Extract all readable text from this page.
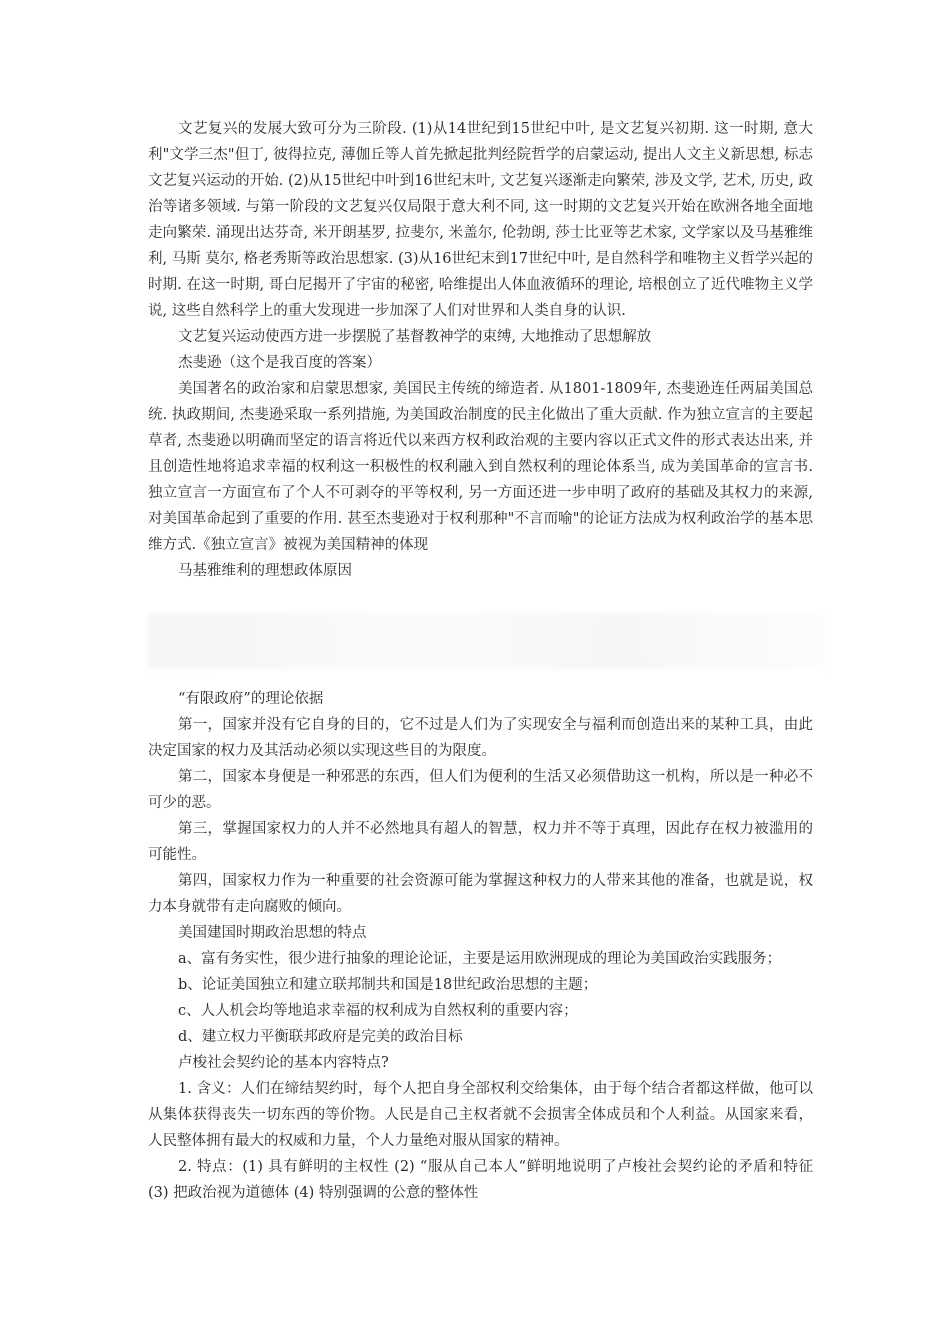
文艺复兴的发展大致可分为三阶段. (1)从14世纪到15世纪中叶, 是文艺复兴初期. 这一时期, 意大利"文学三杰"但丁, 彼得拉克, 薄伽丘等人首先掀起批判经院哲学的启蒙运动, 提出人文主义新思想, 标志文艺复兴运动的开始. (2)从15世纪中叶到16世纪末叶, 文艺复兴逐渐走向繁荣, 涉及文学, 艺术, 历史, 政治等诸多领域. 与第一阶段的文艺复兴仅局限于意大利不同, 这一时期的文艺复兴开始在欧洲各地全面地走向繁荣. 涌现出达芬奇, 米开朗基罗, 拉斐尔, 米盖尔, 伦勃朗, 莎士比亚等艺术家, 文学家以及马基雅维利, 马斯 莫尔, 格老秀斯等政治思想家. (3)从16世纪末到17世纪中叶, 是自然科学和唯物主义哲学兴起的时期. 在这一时期, 哥白尼揭开了宇宙的秘密, 哈维提出人体血液循环的理论, 培根创立了近代唯物主义学说, 这些自然科学上的重大发现进一步加深了人们对世界和人类自身的认识.

文艺复兴运动使西方进一步摆脱了基督教神学的束缚, 大地推动了思想解放

杰斐逊（这个是我百度的答案）

美国著名的政治家和启蒙思想家, 美国民主传统的缔造者. 从1801-1809年, 杰斐逊连任两届美国总统. 执政期间, 杰斐逊采取一系列措施, 为美国政治制度的民主化做出了重大贡献. 作为独立宣言的主要起草者, 杰斐逊以明确而坚定的语言将近代以来西方权利政治观的主要内容以正式文件的形式表达出来, 并且创造性地将追求幸福的权利这一积极性的权利融入到自然权利的理论体系当, 成为美国革命的宣言书. 独立宣言一方面宣布了个人不可剥夺的平等权利, 另一方面还进一步申明了政府的基础及其权力的来源, 对美国革命起到了重要的作用. 甚至杰斐逊对于权利那种"不言而喻"的论证方法成为权利政治学的基本思维方式.《独立宣言》被视为美国精神的体现

马基雅维利的理想政体原因

“有限政府”的理论依据

第一，国家并没有它自身的目的，它不过是人们为了实现安全与福利而创造出来的某种工具，由此决定国家的权力及其活动必须以实现这些目的为限度。

第二，国家本身便是一种邪恶的东西，但人们为便利的生活又必须借助这一机构，所以是一种必不可少的恶。

第三，掌握国家权力的人并不必然地具有超人的智慧，权力并不等于真理，因此存在权力被滥用的可能性。

第四，国家权力作为一种重要的社会资源可能为掌握这种权力的人带来其他的准备，也就是说，权力本身就带有走向腐败的倾向。

美国建国时期政治思想的特点

a、富有务实性，很少进行抽象的理论论证，主要是运用欧洲现成的理论为美国政治实践服务；

b、论证美国独立和建立联邦制共和国是18世纪政治思想的主题；

c、人人机会均等地追求幸福的权利成为自然权利的重要内容；

d、建立权力平衡联邦政府是完美的政治目标

卢梭社会契约论的基本内容特点?

1. 含义：人们在缔结契约时，每个人把自身全部权利交给集体，由于每个结合者都这样做，他可以从集体获得丧失一切东西的等价物。人民是自己主权者就不会损害全体成员和个人利益。从国家来看，人民整体拥有最大的权威和力量，个人力量绝对服从国家的精神。

2. 特点：(1) 具有鲜明的主权性 (2) “服从自己本人“鲜明地说明了卢梭社会契约论的矛盾和特征 (3) 把政治视为道德体 (4) 特别强调的公意的整体性
